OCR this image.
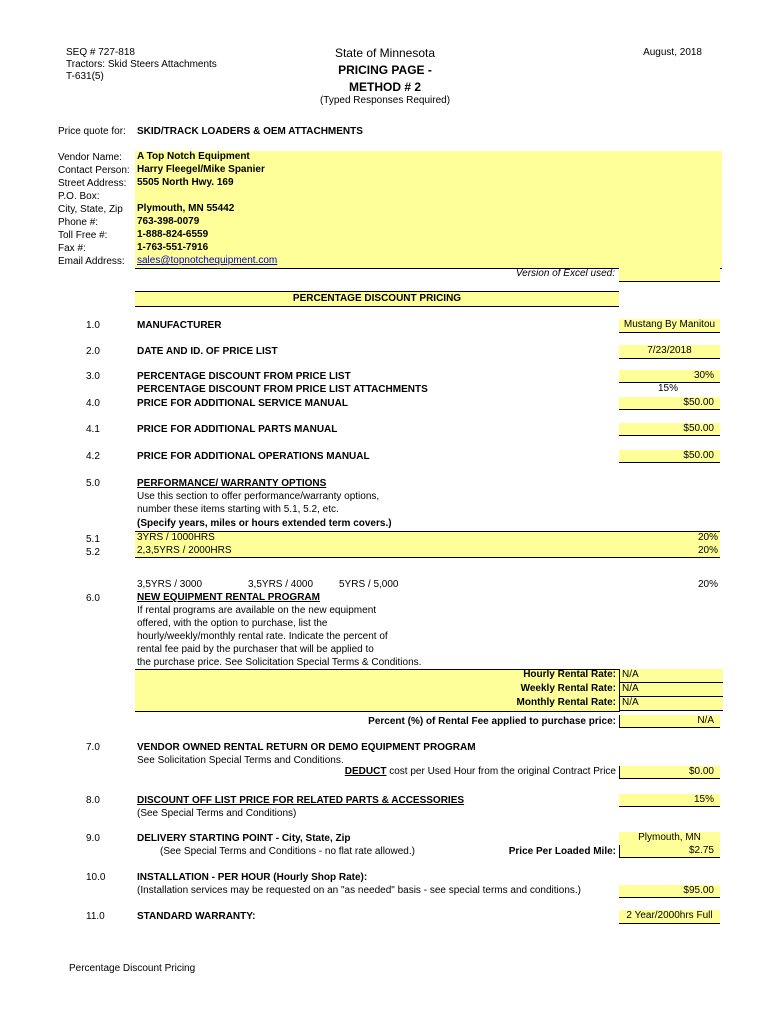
SEQ # 727-818
Tractors: Skid Steers Attachments
T-631(5)
State of Minnesota
PRICING PAGE -
METHOD # 2
(Typed Responses Required)
August, 2018
Price quote for: SKID/TRACK LOADERS & OEM ATTACHMENTS
Vendor Name: A Top Notch Equipment
Contact Person: Harry Fleegel/Mike Spanier
Street Address: 5505 North Hwy. 169
P.O. Box:
City, State, Zip Plymouth, MN 55442
Phone #:	763-398-0079
Toll Free #:	1-888-824-6559
Fax #:	1-763-551-7916
Email Address: sales@topnotchequipment.com
Version of Excel used:
PERCENTAGE DISCOUNT PRICING
1.0	MANUFACTURER	Mustang By Manitou
2.0	DATE AND ID. OF PRICE LIST	7/23/2018
3.0	PERCENTAGE DISCOUNT FROM PRICE LIST	30%
PERCENTAGE DISCOUNT FROM PRICE LIST ATTACHMENTS	15%
4.0	PRICE FOR ADDITIONAL SERVICE MANUAL	$50.00
4.1	PRICE FOR ADDITIONAL PARTS MANUAL	$50.00
4.2	PRICE FOR ADDITIONAL OPERATIONS MANUAL	$50.00
5.0	PERFORMANCE/ WARRANTY OPTIONS
Use this section to offer performance/warranty options,
number these items starting with 5.1, 5.2, etc.
(Specify years, miles or hours extended term covers.)
5.1	3YRS / 1000HRS	20%
5.2	2,3,5YRS / 2000HRS	20%
3,5YRS / 3000	3,5YRS / 4000	5YRS / 5,000	20%
6.0	NEW EQUIPMENT RENTAL PROGRAM
If rental programs are available on the new equipment
offered, with the option to purchase, list the
hourly/weekly/monthly rental rate. Indicate the percent of
rental fee paid by the purchaser that will be applied to
the purchase price. See Solicitation Special Terms & Conditions.
Hourly Rental Rate: N/A
Weekly Rental Rate: N/A
Monthly Rental Rate: N/A
Percent (%) of Rental Fee applied to purchase price:	N/A
7.0	VENDOR OWNED RENTAL RETURN OR DEMO EQUIPMENT PROGRAM
See Solicitation Special Terms and Conditions.
DEDUCT cost per Used Hour from the original Contract Price	$0.00
8.0	DISCOUNT OFF LIST PRICE FOR RELATED PARTS & ACCESSORIES
(See Special Terms and Conditions)
15%
9.0	DELIVERY STARTING POINT - City, State, Zip
(See Special Terms and Conditions - no flat rate allowed.)
Plymouth, MN
Price Per Loaded Mile:	$2.75
10.0	INSTALLATION - PER HOUR (Hourly Shop Rate):
(Installation services may be requested on an "as needed" basis - see special terms and conditions.)	$95.00
11.0	STANDARD WARRANTY:	2 Year/2000hrs Full
Percentage Discount Pricing
